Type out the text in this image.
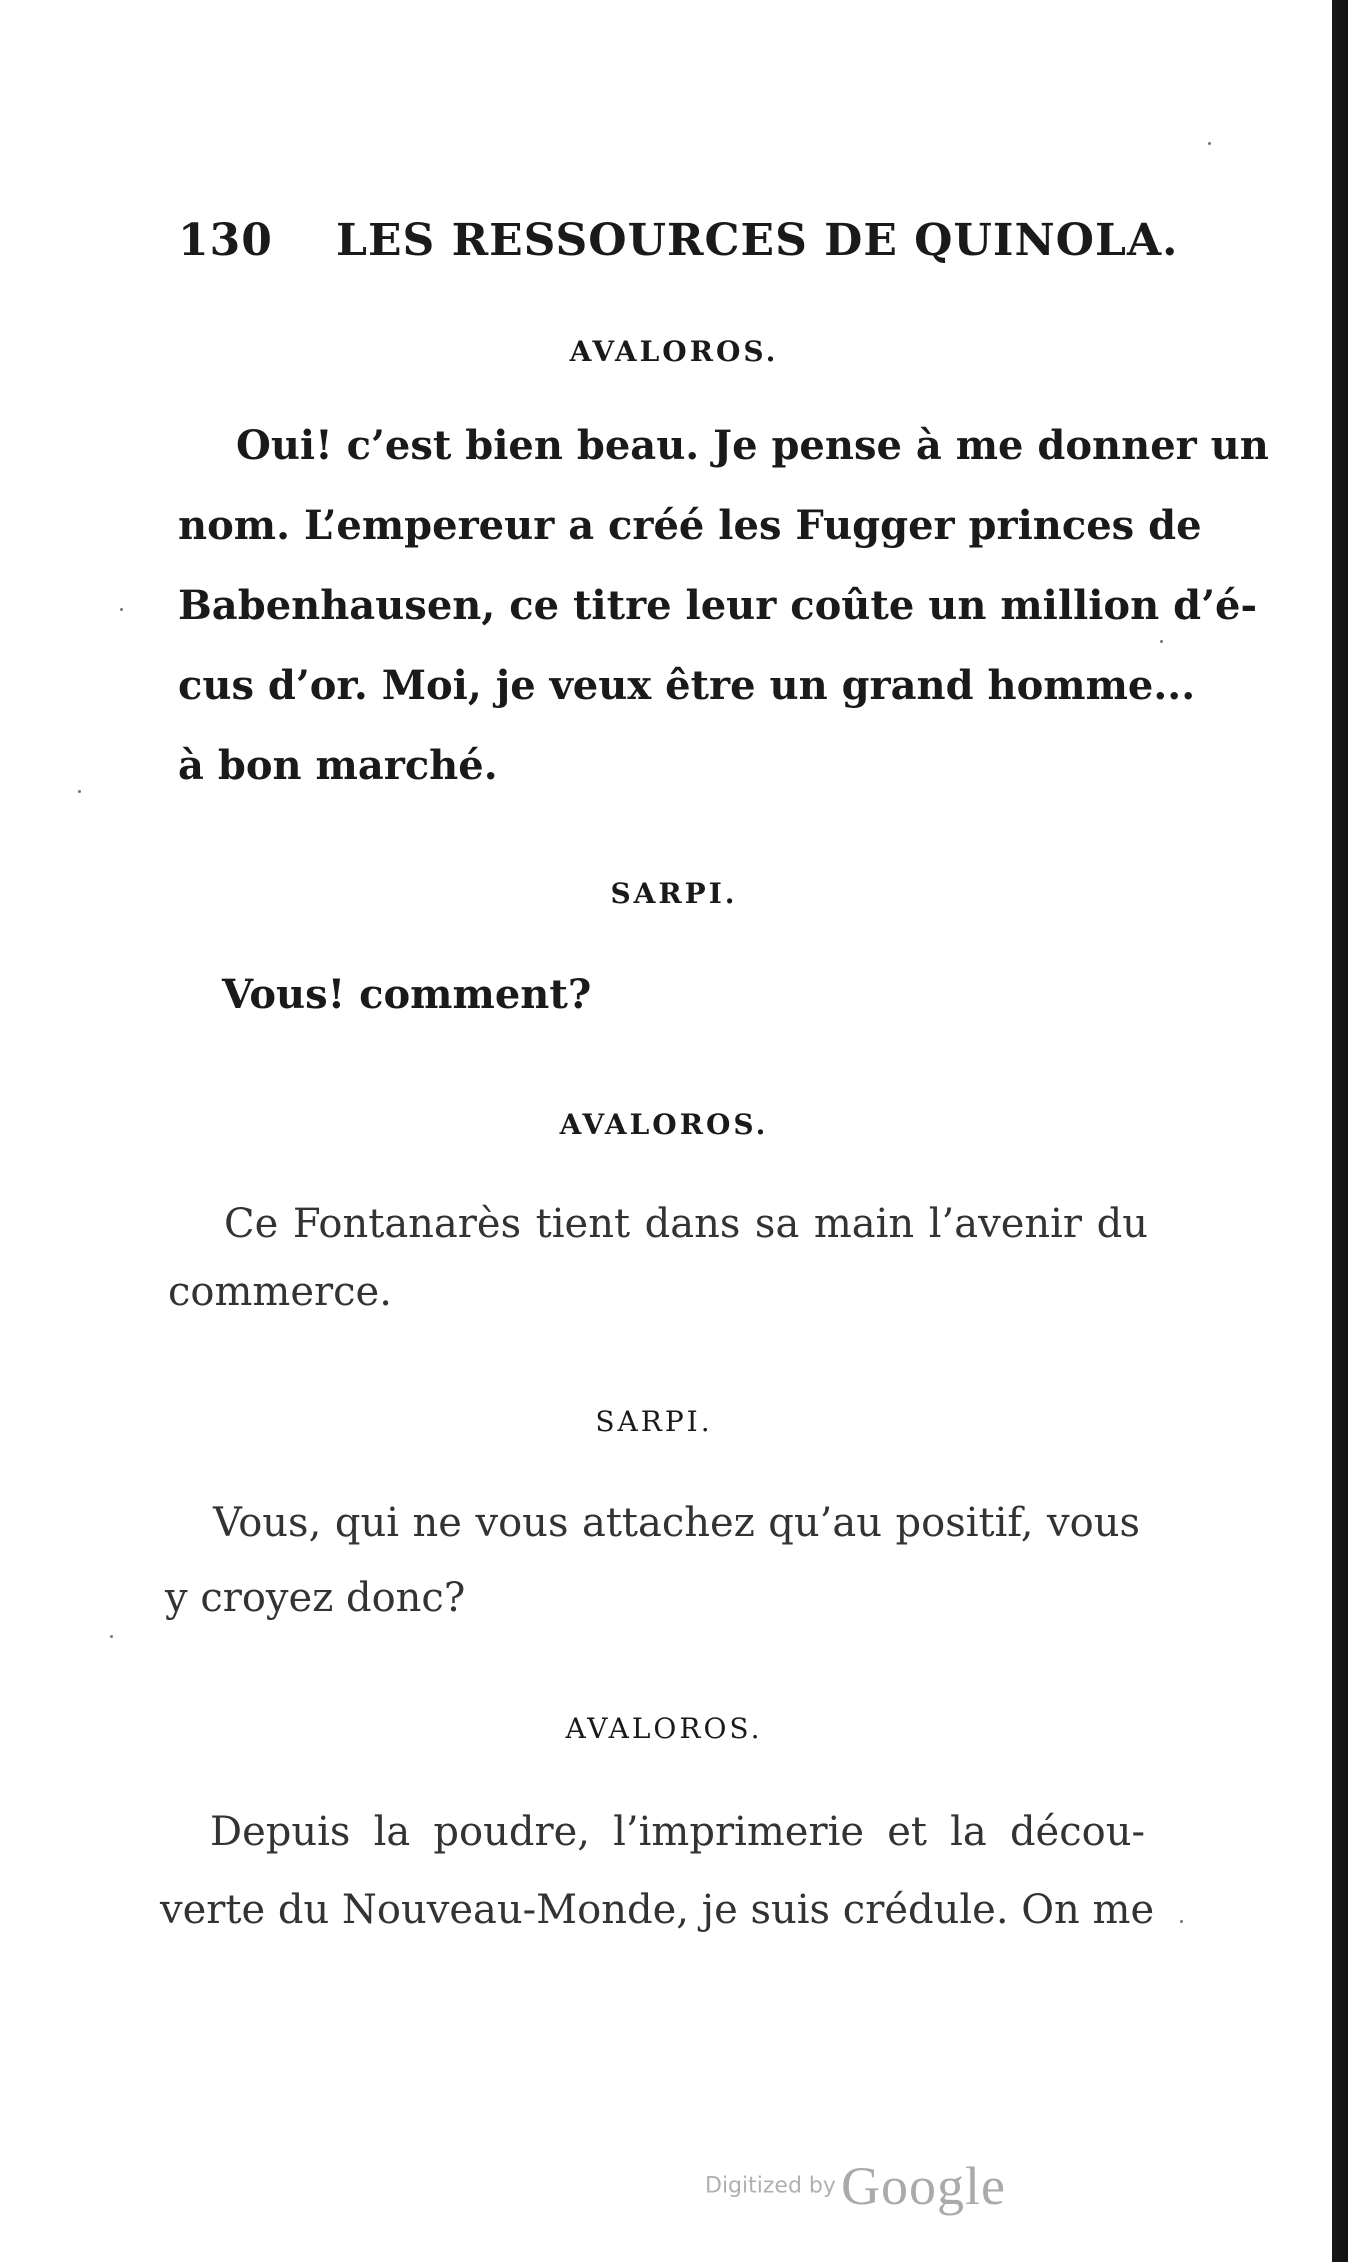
130 LES RESSOURCES DE QUINOLA.
AVALOROS.
Oui! c’est bien beau. Je pense à me donner un
nom. L’empereur a créé les Fugger princes de
Babenhausen, ce titre leur coûte un million d’é-
cus d’or. Moi, je veux être un grand homme...
à bon marché.
SARPI.
Vous! comment?
AVALOROS.
Ce Fontanarès tient dans sa main l’avenir du
commerce.
SARPI.
Vous, qui ne vous attachez qu’au positif, vous
y croyez donc?
AVALOROS.
Depuis la poudre, l’imprimerie et la décou-
verte du Nouveau-Monde, je suis crédule. On me
Digitized by Google
